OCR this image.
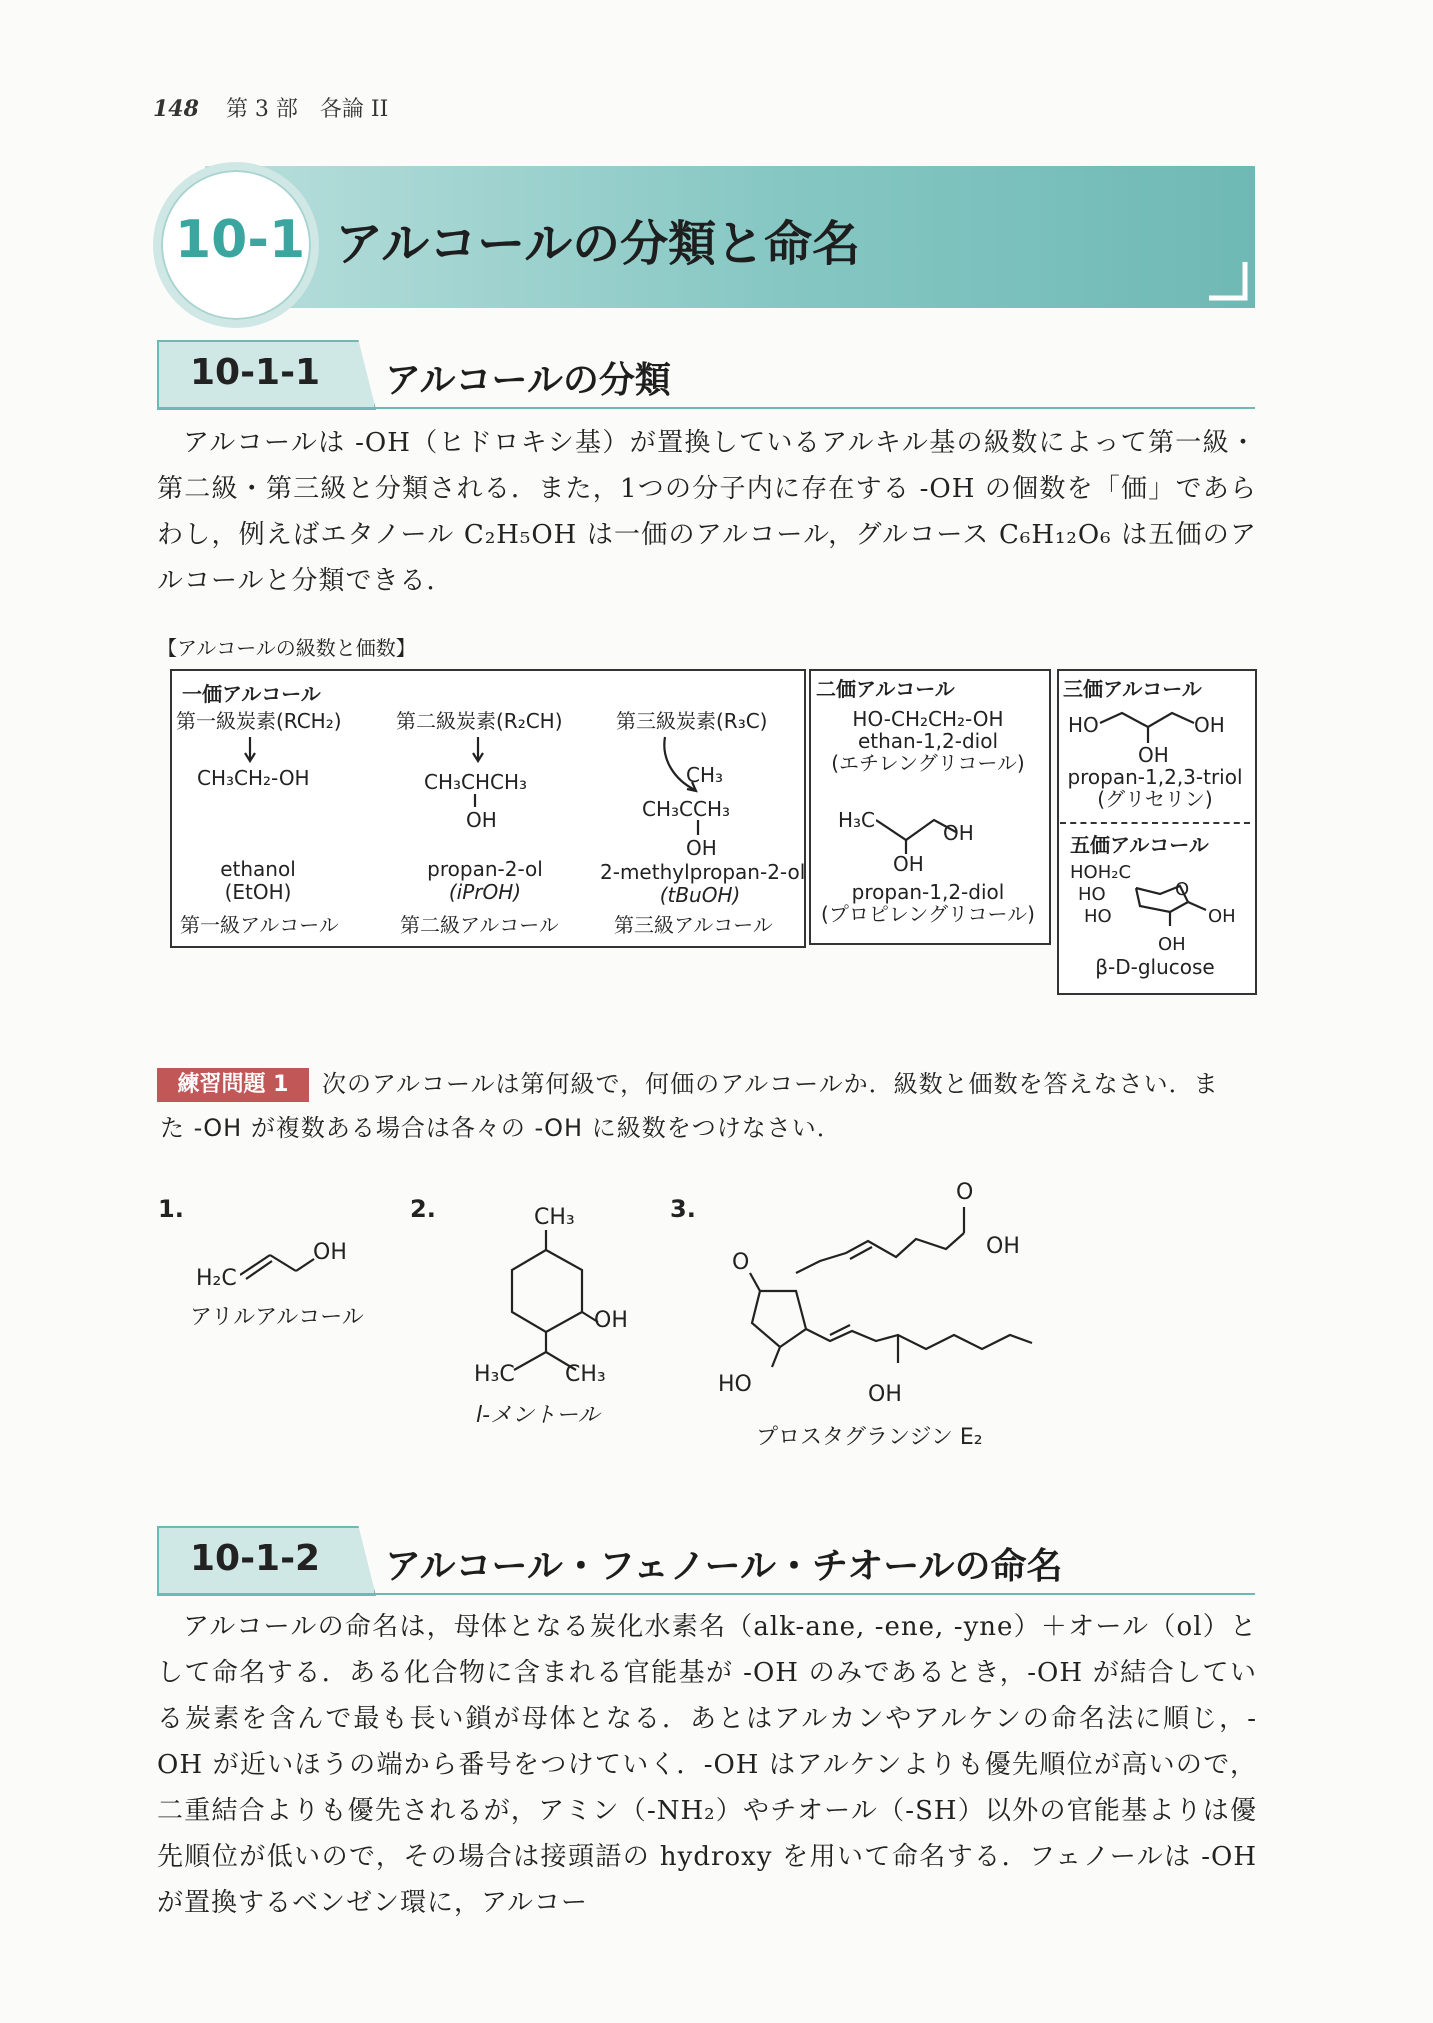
148 第 3 部　各論 II
10-1 アルコールの分類と命名
10-1-1 アルコールの分類

アルコールは -OH（ヒドロキシ基）が置換しているアルキル基の級数によって第一級・第二級・第三級と分類される．また，1つの分子内に存在する -OH の個数を「価」であらわし，例えばエタノール C₂H₅OH は一価のアルコール，グルコース C₆H₁₂O₆ は五価のアルコールと分類できる．

【アルコールの級数と価数】
一価アルコール
第一級炭素(RCH₂)
CH₃CH₂-OH
ethanol
(EtOH)
第一級アルコール
第二級炭素(R₂CH)
CH₃CHCH₃
OH
propan-2-ol
(iPrOH)
第二級アルコール
第三級炭素(R₃C)
CH₃
CH₃CCH₃
OH
2-methylpropan-2-ol
(tBuOH)
第三級アルコール
二価アルコール
HO-CH₂CH₂-OH
ethan-1,2-diol
(エチレングリコール)
H₃C
OH
OH
propan-1,2-diol
(プロピレングリコール)
三価アルコール
HO	OH
OH
propan-1,2,3-triol
(グリセリン)
五価アルコール
HOH₂C
HO
HO
O
OH
OH
β-D-glucose
練習問題 1	次のアルコールは第何級で，何価のアルコールか．級数と価数を答えなさい．ま
た -OH が複数ある場合は各々の -OH に級数をつけなさい．
1.
H₂C
OH
アリルアルコール
2.	CH₃
OH
H₃C CH₃
l-メントール
3.
O
OH
O
HO	OH
プロスタグランジン E₂
10-1-2 アルコール・フェノール・チオールの命名

アルコールの命名は，母体となる炭化水素名（alk-ane, -ene, -yne）＋オール（ol）として命名する．ある化合物に含まれる官能基が -OH のみであるとき，-OH が結合している炭素を含んで最も長い鎖が母体となる．あとはアルカンやアルケンの命名法に順じ，-OH が近いほうの端から番号をつけていく．-OH はアルケンよりも優先順位が高いので，二重結合よりも優先されるが，アミン（-NH₂）やチオール（-SH）以外の官能基よりは優先順位が低いので，その場合は接頭語の hydroxy を用いて命名する．フェノールは -OH が置換するベンゼン環に，アルコー
